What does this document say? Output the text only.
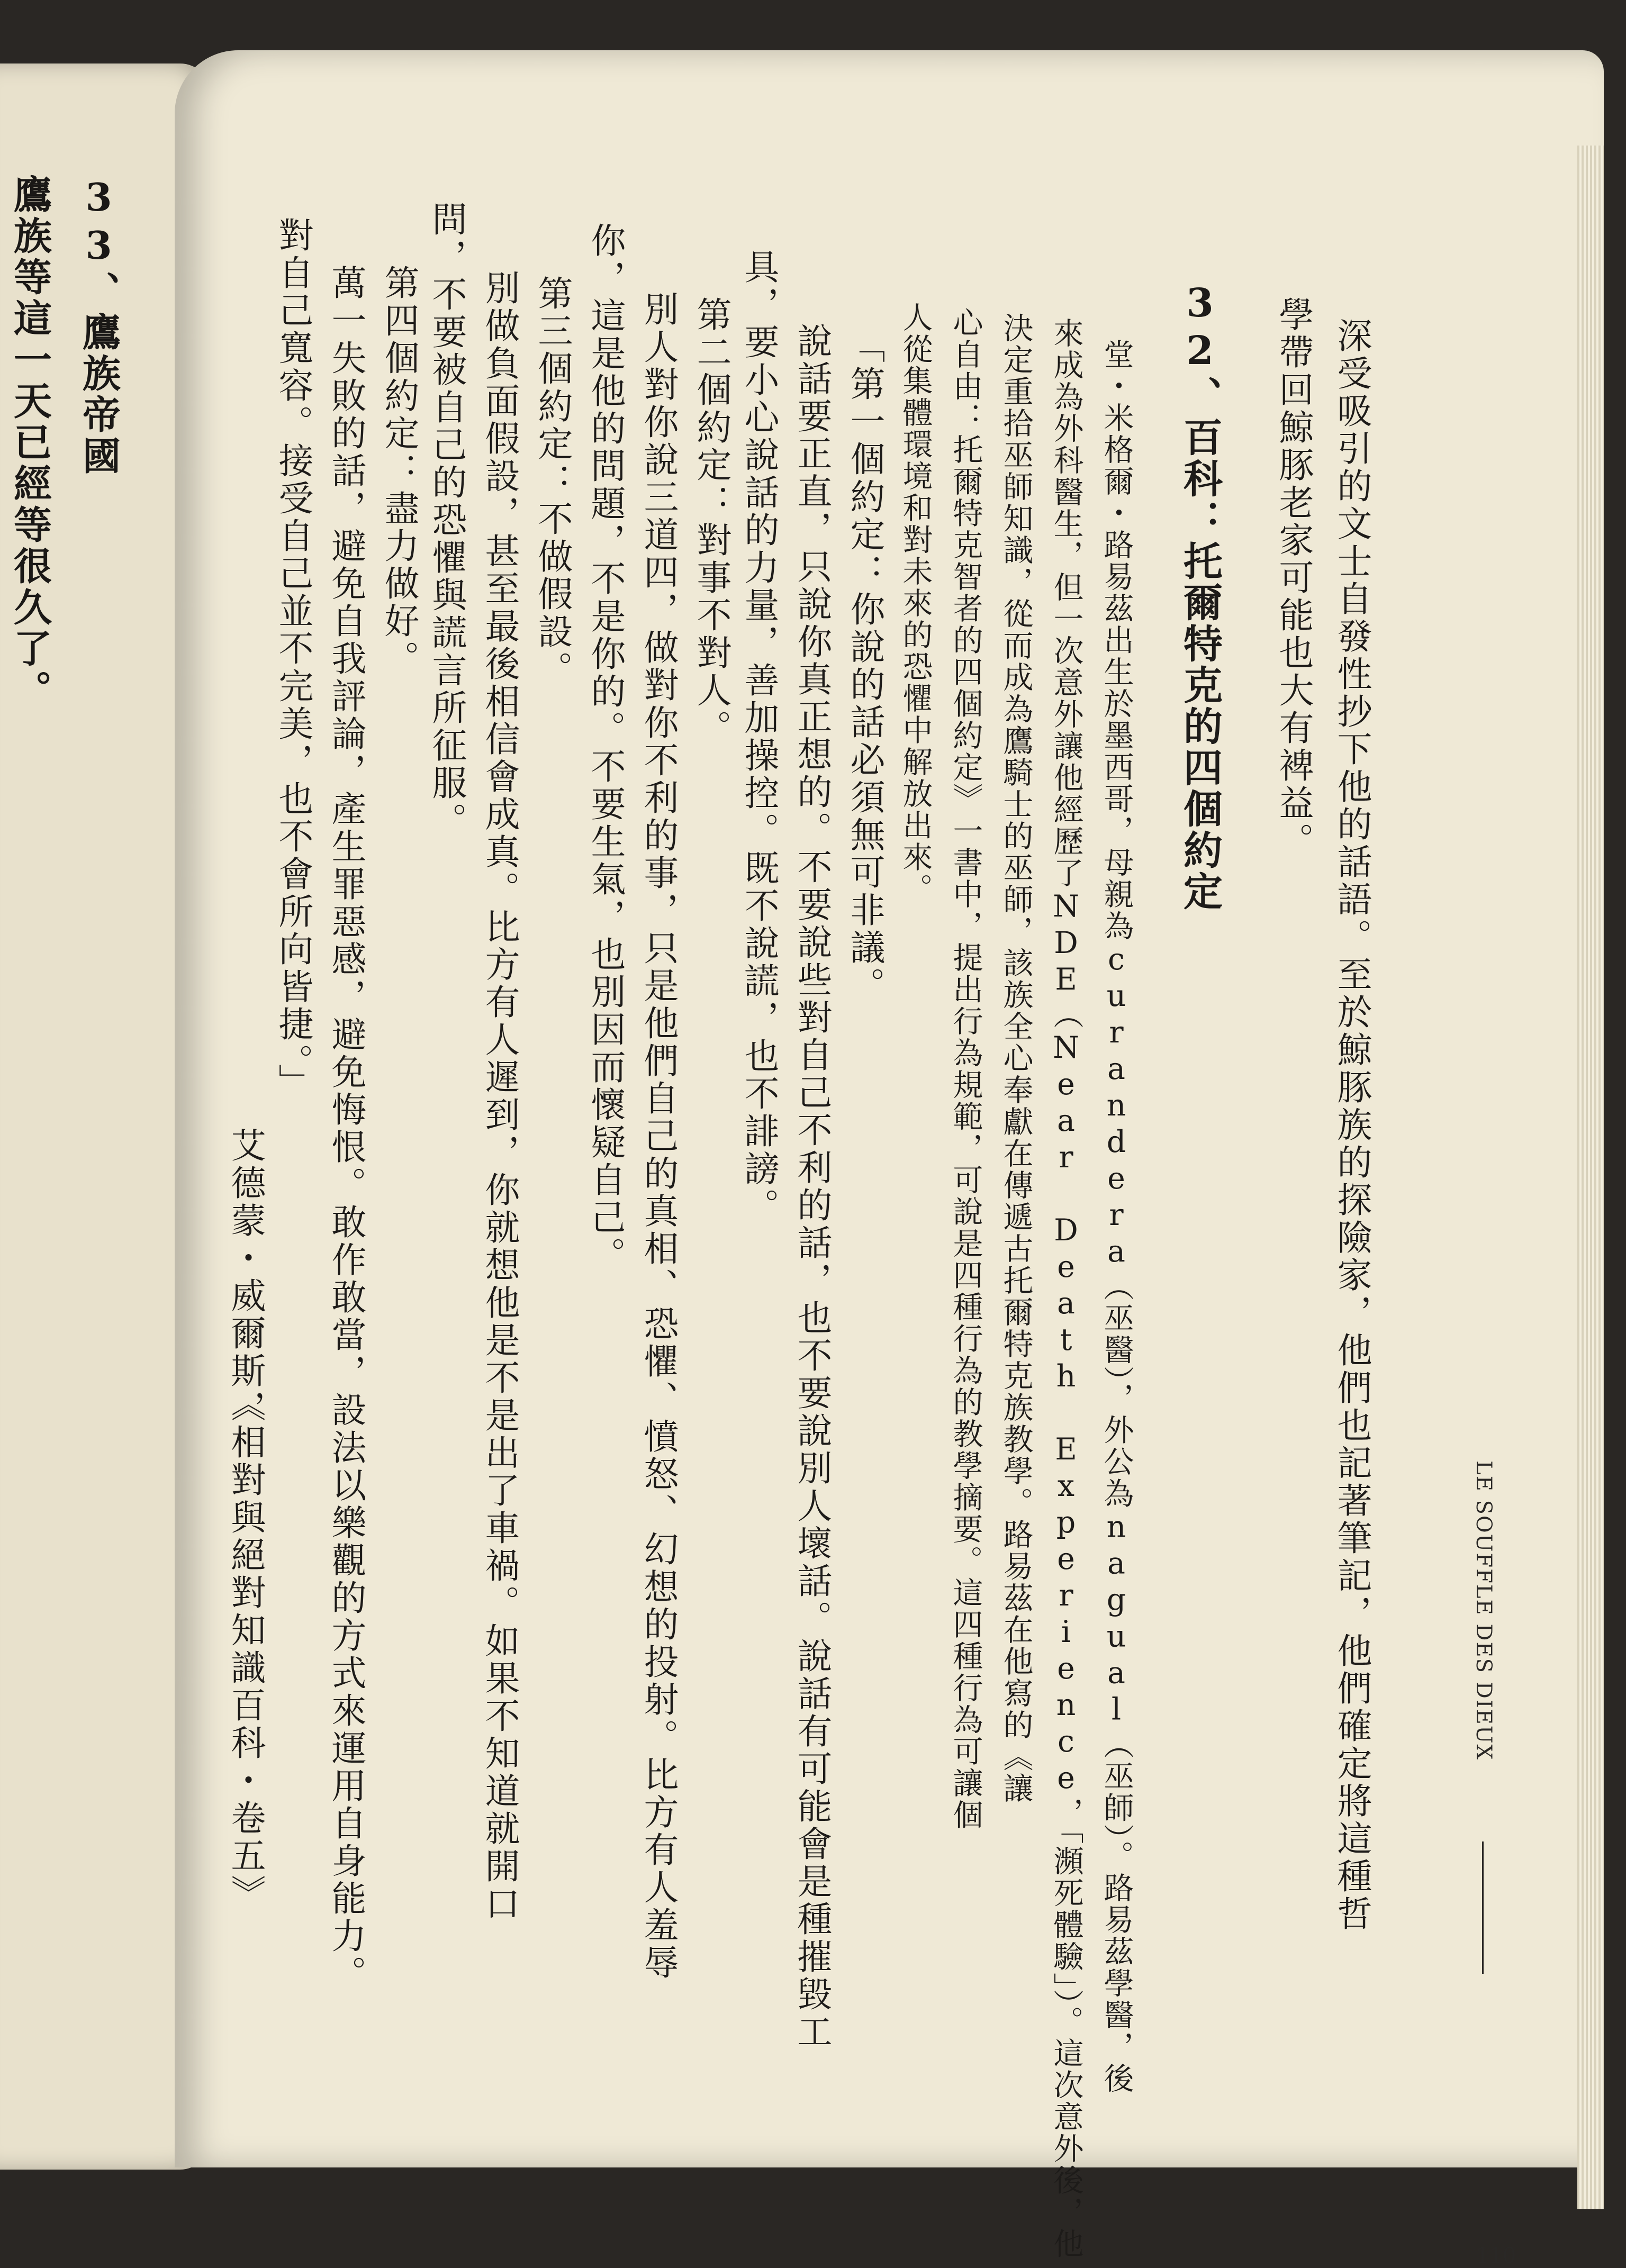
33、鷹族帝國
鷹族等這一天已經等很久了。
LE SOUFFLE DES DIEUX
110
深受吸引的文士自發性抄下他的話語。至於鯨豚族的探險家，他們也記著筆記，他們確定將這種哲
學帶回鯨豚老家可能也大有裨益。
32、百科：托爾特克的四個約定
堂・米格爾・路易茲出生於墨西哥，母親為curandera（巫醫），外公為nagual（巫師）。路易茲學醫，後
來成為外科醫生，但一次意外讓他經歷了NDE（Near Death Experience，「瀕死體驗」）。這次意外後，他
決定重拾巫師知識，從而成為鷹騎士的巫師，該族全心奉獻在傳遞古托爾特克族教學。路易茲在他寫的《讓
心自由：托爾特克智者的四個約定》一書中，提出行為規範，可說是四種行為的教學摘要。這四種行為可讓個
人從集體環境和對未來的恐懼中解放出來。
「第一個約定：你說的話必須無可非議。
說話要正直，只說你真正想的。不要說些對自己不利的話，也不要說別人壞話。說話有可能會是種摧毀工
具，要小心說話的力量，善加操控。既不說謊，也不誹謗。
第二個約定：對事不對人。
別人對你說三道四，做對你不利的事，只是他們自己的真相、恐懼、憤怒、幻想的投射。比方有人羞辱
你，這是他的問題，不是你的。不要生氣，也別因而懷疑自己。
第三個約定：不做假設。
別做負面假設，甚至最後相信會成真。比方有人遲到，你就想他是不是出了車禍。如果不知道就開口
問，不要被自己的恐懼與謊言所征服。
第四個約定：盡力做好。
萬一失敗的話，避免自我評論，產生罪惡感，避免悔恨。敢作敢當，設法以樂觀的方式來運用自身能力。
對自己寬容。接受自己並不完美，也不會所向皆捷。」
艾德蒙・威爾斯，
《相對與絕對知識百科・卷五》
